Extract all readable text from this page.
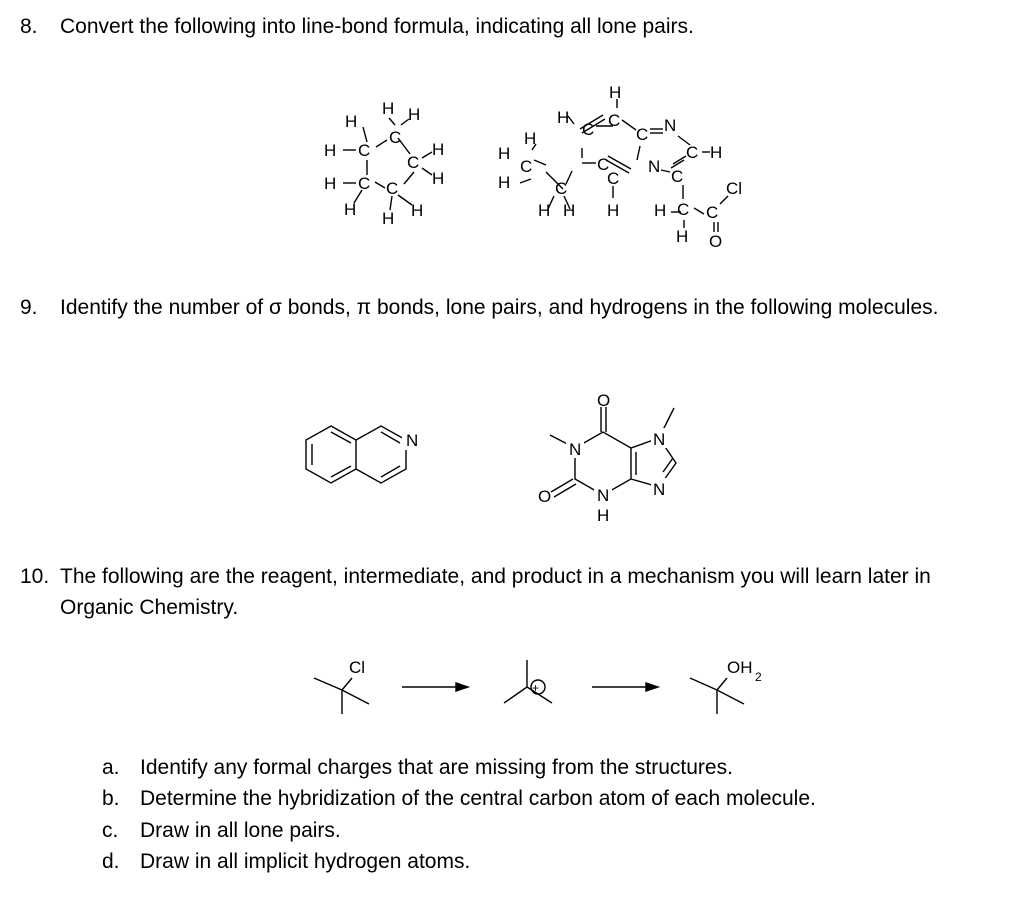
8. Convert the following into line-bond formula, indicating all lone pairs.
9. Identify the number of σ bonds, π bonds, lone pairs, and hydrogens in the following molecules.
10. The following are the reagent, intermediate, and product in a mechanism you will learn later in Organic Chemistry.
a. Identify any formal charges that are missing from the structures.
b. Determine the hybridization of the central carbon atom of each molecule.
c. Draw in all lone pairs.
d. Draw in all implicit hydrogen atoms.
H
H H
H C
C
H
C
H
H C C
H H H
H
C
H
C C N
H
C H
H
C	C N
H	C
C	C
Cl
H H H H C C
H O
N	N
N
H
N
N
O
O
Cl
+
OH 2
